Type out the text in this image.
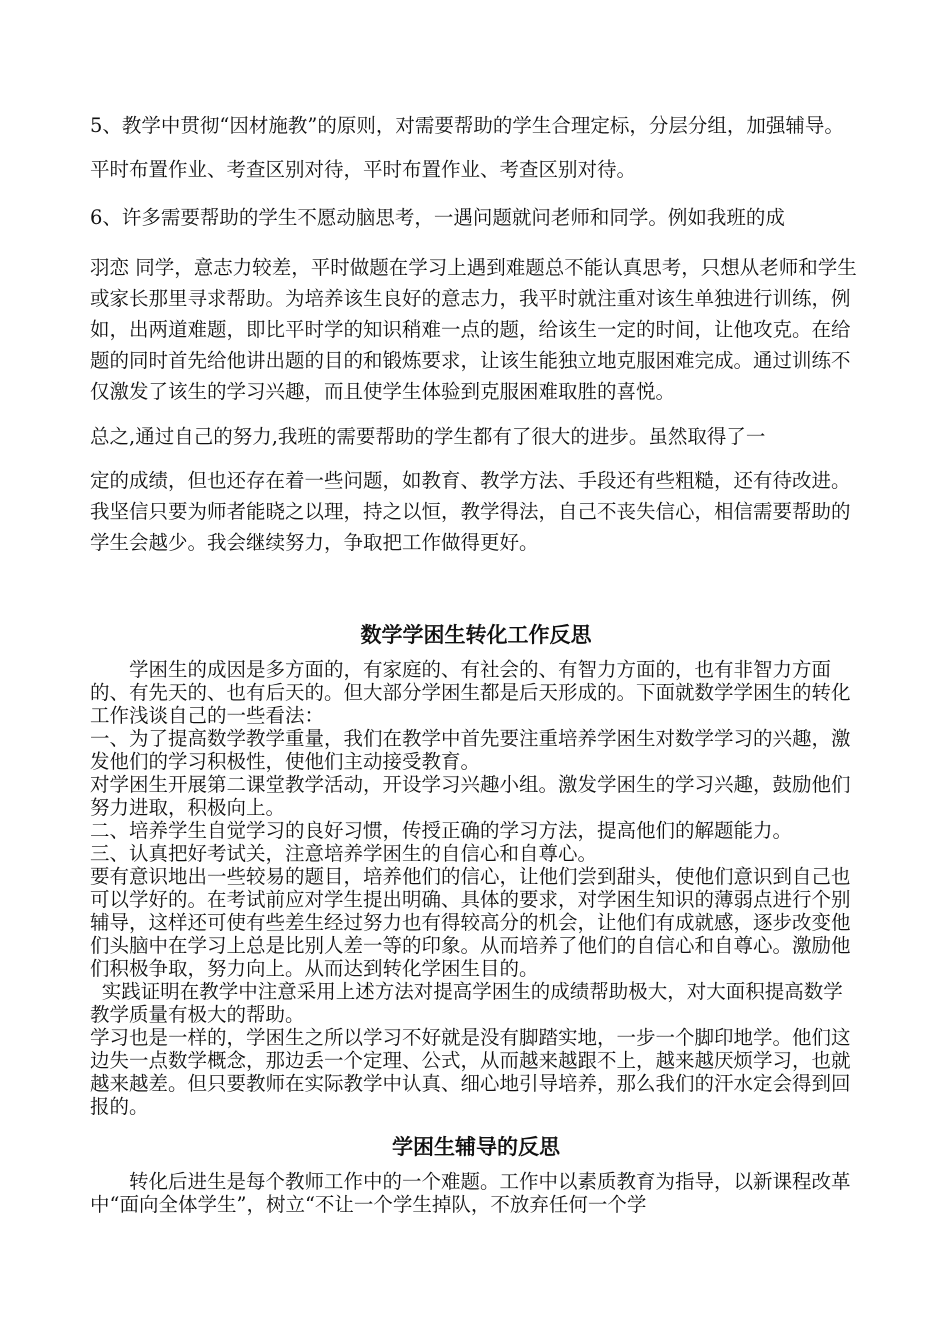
5、教学中贯彻“因材施教”的原则，对需要帮助的学生合理定标，分层分组，加强辅导。平时布置作业、考查区别对待，平时布置作业、考查区别对待。

6、许多需要帮助的学生不愿动脑思考，一遇问题就问老师和同学。例如我班的成

羽恋 同学，意志力较差，平时做题在学习上遇到难题总不能认真思考，只想从老师和学生或家长那里寻求帮助。为培养该生良好的意志力，我平时就注重对该生单独进行训练，例如，出两道难题，即比平时学的知识稍难一点的题，给该生一定的时间，让他攻克。在给题的同时首先给他讲出题的目的和锻炼要求，让该生能独立地克服困难完成。通过训练不仅激发了该生的学习兴趣，而且使学生体验到克服困难取胜的喜悦。

总之,通过自己的努力,我班的需要帮助的学生都有了很大的进步。虽然取得了一

定的成绩，但也还存在着一些问题，如教育、教学方法、手段还有些粗糙，还有待改进。我坚信只要为师者能晓之以理，持之以恒，教学得法，自己不丧失信心，相信需要帮助的学生会越少。我会继续努力，争取把工作做得更好。

数学学困生转化工作反思

学困生的成因是多方面的，有家庭的、有社会的、有智力方面的，也有非智力方面的、有先天的、也有后天的。但大部分学困生都是后天形成的。下面就数学学困生的转化工作浅谈自己的一些看法：

一、为了提高数学教学重量，我们在教学中首先要注重培养学困生对数学学习的兴趣，激发他们的学习积极性，使他们主动接受教育。

对学困生开展第二课堂教学活动，开设学习兴趣小组。激发学困生的学习兴趣，鼓励他们努力进取，积极向上。

二、培养学生自觉学习的良好习惯，传授正确的学习方法，提高他们的解题能力。

三、认真把好考试关，注意培养学困生的自信心和自尊心。

要有意识地出一些较易的题目，培养他们的信心，让他们尝到甜头，使他们意识到自己也可以学好的。在考试前应对学生提出明确、具体的要求，对学困生知识的薄弱点进行个别辅导，这样还可使有些差生经过努力也有得较高分的机会，让他们有成就感，逐步改变他们头脑中在学习上总是比别人差一等的印象。从而培养了他们的自信心和自尊心。激励他们积极争取，努力向上。从而达到转化学困生目的。

实践证明在教学中注意采用上述方法对提高学困生的成绩帮助极大，对大面积提高数学教学质量有极大的帮助。

学习也是一样的，学困生之所以学习不好就是没有脚踏实地，一步一个脚印地学。他们这边失一点数学概念，那边丢一个定理、公式，从而越来越跟不上，越来越厌烦学习，也就越来越差。但只要教师在实际教学中认真、细心地引导培养，那么我们的汗水定会得到回报的。

学困生辅导的反思

转化后进生是每个教师工作中的一个难题。工作中以素质教育为指导，以新课程改革中“面向全体学生”，树立“不让一个学生掉队，不放弃任何一个学
